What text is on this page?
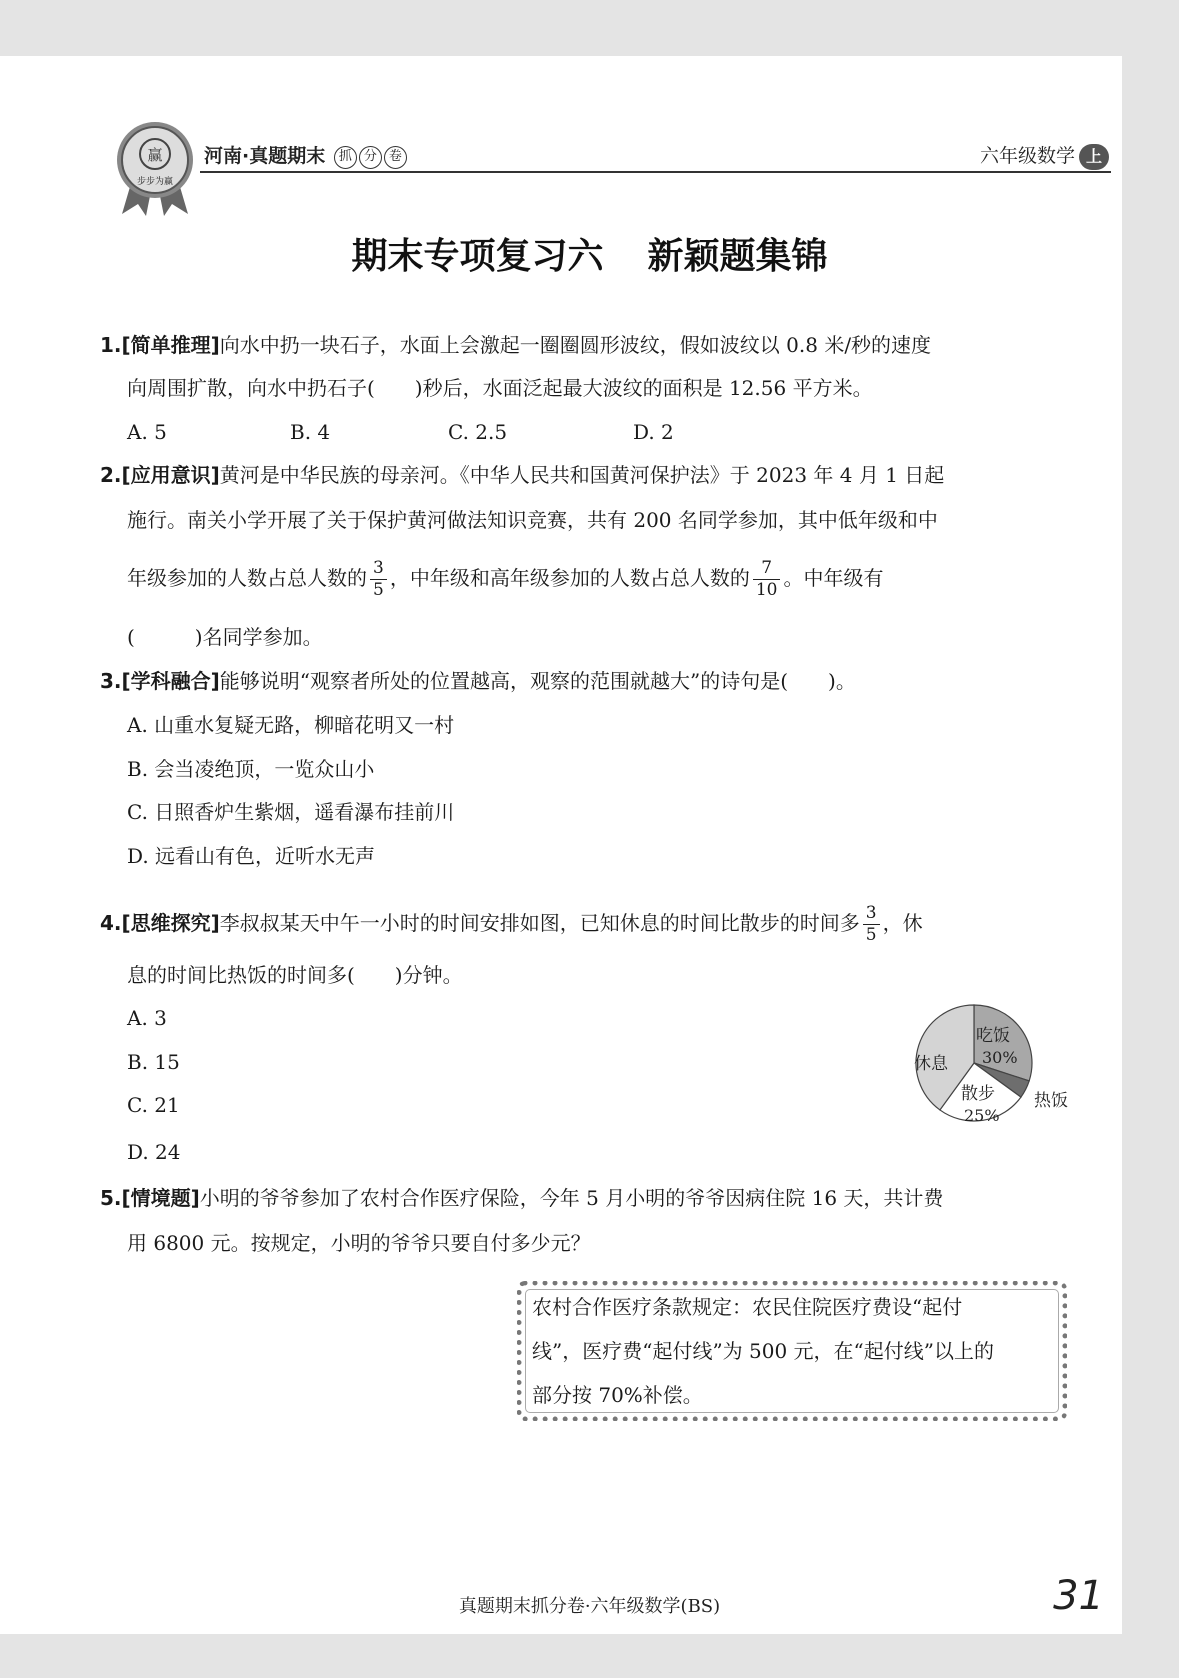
赢
步步为赢
河南·真题期末 抓 分 卷	六年级数学 上
期末专项复习六 新颖题集锦
1.[简单推理]向水中扔一块石子，水面上会激起一圈圈圆形波纹，假如波纹以 0.8 米/秒的速度
向周围扩散，向水中扔石子(　　)秒后，水面泛起最大波纹的面积是 12.56 平方米。
A. 5	B. 4	C. 2.5	D. 2
2.[应用意识]黄河是中华民族的母亲河。《中华人民共和国黄河保护法》于 2023 年 4 月 1 日起
施行。南关小学开展了关于保护黄河做法知识竞赛，共有 200 名同学参加，其中低年级和中
年级参加的人数占总人数的 $\frac{3}{5}$ ，中年级和高年级参加的人数占总人数的 $\frac{7}{10}$ 。中年级有
(　　　)名同学参加。
3.[学科融合]能够说明“观察者所处的位置越高，观察的范围就越大”的诗句是(　　)。
A. 山重水复疑无路，柳暗花明又一村
B. 会当凌绝顶，一览众山小
C. 日照香炉生紫烟，遥看瀑布挂前川
D. 远看山有色，近听水无声
4.[思维探究]李叔叔某天中午一小时的时间安排如图，已知休息的时间比散步的时间多 $\frac{3}{5}$ ，休
息的时间比热饭的时间多(　　)分钟。
A. 3
B. 15
C. 21
D. 24
休息
吃饭
30%
散步
25%
热饭
5.[情境题]小明的爷爷参加了农村合作医疗保险，今年 5 月小明的爷爷因病住院 16 天，共计费
用 6800 元。按规定，小明的爷爷只要自付多少元？
农村合作医疗条款规定：农民住院医疗费设“起付
线”，医疗费“起付线”为 500 元，在“起付线”以上的
部分按 70%补偿。
真题期末抓分卷·六年级数学(BS)	31
